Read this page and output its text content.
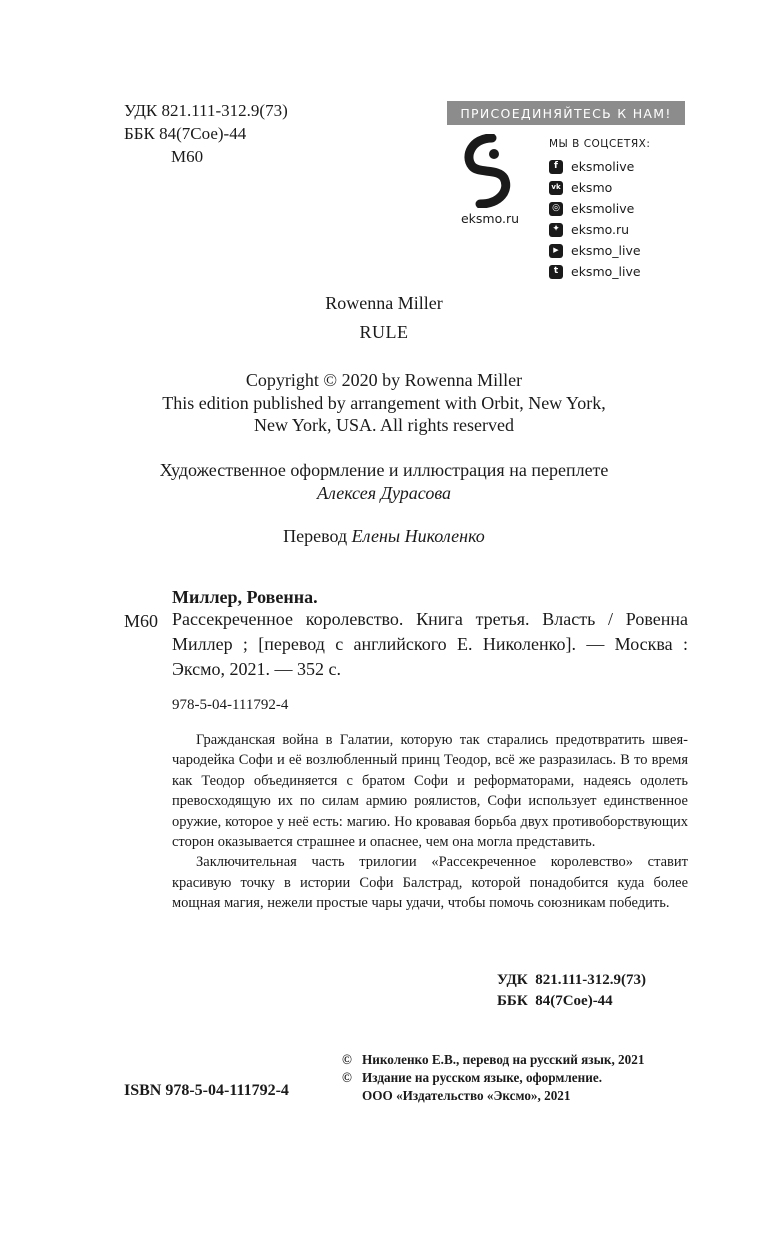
УДК 821.111-312.9(73)
ББК 84(7Сое)-44
М60
ПРИСОЕДИНЯЙТЕСЬ К НАМ!
eksmo.ru
МЫ В СОЦСЕТЯХ:
f	eksmolive
vk eksmo
◎ eksmolive
✦ eksmo.ru
▶ eksmo_live
t	eksmo_live
Rowenna Miller
RULE
Copyright © 2020 by Rowenna Miller
This edition published by arrangement with Orbit, New York,
New York, USA. All rights reserved
Художественное оформление и иллюстрация на переплете
Алексея Дурасова
Перевод Елены Николенко
Миллер, Ровенна.
М60 Рассекреченное королевство. Книга третья. Власть / Ровенна Миллер ; [перевод с английского Е. Николенко]. — Москва : Эксмо, 2021. — 352 с.
978-5-04-111792-4

Гражданская война в Галатии, которую так старались предотвратить швея-чародейка Софи и её возлюбленный принц Теодор, всё же разразилась. В то время как Теодор объединяется с братом Софи и реформаторами, надеясь одолеть превосходящую их по силам армию роялистов, Софи использует единственное оружие, которое у неё есть: магию. Но кровавая борьба двух противоборствующих сторон оказывается страшнее и опаснее, чем она могла представить.

Заключительная часть трилогии «Рассекреченное королевство» ставит красивую точку в истории Софи Балстрад, которой понадобится куда более мощная магия, нежели простые чары удачи, чтобы помочь союзникам победить.

УДК  821.111-312.9(73)
ББК  84(7Сое)-44
© Николенко Е.В., перевод на русский язык, 2021
© Издание на русском языке, оформление.
ООО «Издательство «Эксмо», 2021
ISBN 978-5-04-111792-4
